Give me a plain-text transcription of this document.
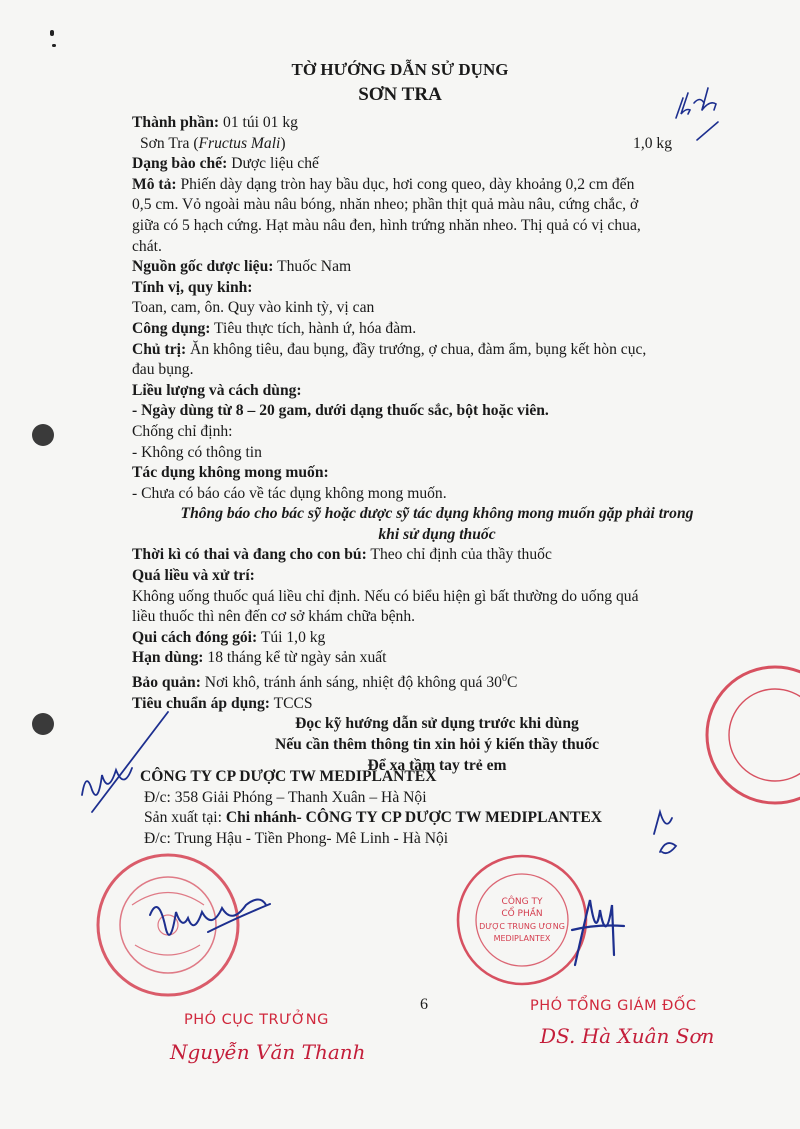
TỜ HƯỚNG DẪN SỬ DỤNG
SƠN TRA

Thành phần: 01 túi 01 kg

Sơn Tra (Fructus Mali)	1,0 kg

Dạng bào chế: Dược liệu chế

Mô tả: Phiến dày dạng tròn hay bầu dục, hơi cong queo, dày khoảng 0,2 cm đến

0,5 cm. Vỏ ngoài màu nâu bóng, nhăn nheo; phần thịt quả màu nâu, cứng chắc, ở

giữa có 5 hạch cứng. Hạt màu nâu đen, hình trứng nhăn nheo. Thị quả có vị chua,

chát.

Nguồn gốc dược liệu: Thuốc Nam

Tính vị, quy kinh:

Toan, cam, ôn. Quy vào kinh tỳ, vị can

Công dụng: Tiêu thực tích, hành ứ, hóa đàm.

Chủ trị: Ăn không tiêu, đau bụng, đầy trướng, ợ chua, đàm ẩm, bụng kết hòn cục,

đau bụng.

Liều lượng và cách dùng:

- Ngày dùng từ 8 – 20 gam, dưới dạng thuốc sắc, bột hoặc viên.

Chống chỉ định:

- Không có thông tin

Tác dụng không mong muốn:

- Chưa có báo cáo về tác dụng không mong muốn.

Thông báo cho bác sỹ hoặc dược sỹ tác dụng không mong muốn gặp phải trong

khi sử dụng thuốc

Thời kì có thai và đang cho con bú: Theo chỉ định của thầy thuốc

Quá liều và xử trí:

Không uống thuốc quá liều chỉ định. Nếu có biểu hiện gì bất thường do uống quá

liều thuốc thì nên đến cơ sở khám chữa bệnh.

Qui cách đóng gói: Túi 1,0 kg

Hạn dùng: 18 tháng kể từ ngày sản xuất

Bảo quản: Nơi khô, tránh ánh sáng, nhiệt độ không quá $30^0C$

Tiêu chuẩn áp dụng: TCCS

Đọc kỹ hướng dẫn sử dụng trước khi dùng

Nếu cần thêm thông tin xin hỏi ý kiến thầy thuốc

Để xa tầm tay trẻ em

CÔNG TY CP DƯỢC TW MEDIPLANTEX

Đ/c: 358 Giải Phóng – Thanh Xuân – Hà Nội

Sản xuất tại: Chi nhánh- CÔNG TY CP DƯỢC TW MEDIPLANTEX

Đ/c: Trung Hậu - Tiền Phong- Mê Linh - Hà Nội

6
PHÓ CỤC TRƯỞNG
Nguyễn Văn Thanh
PHÓ TỔNG GIÁM ĐỐC
DS. Hà Xuân Sơn
CÔNG TY
CỔ PHẦN
DƯỢC TRUNG ƯƠNG
MEDIPLANTEX
